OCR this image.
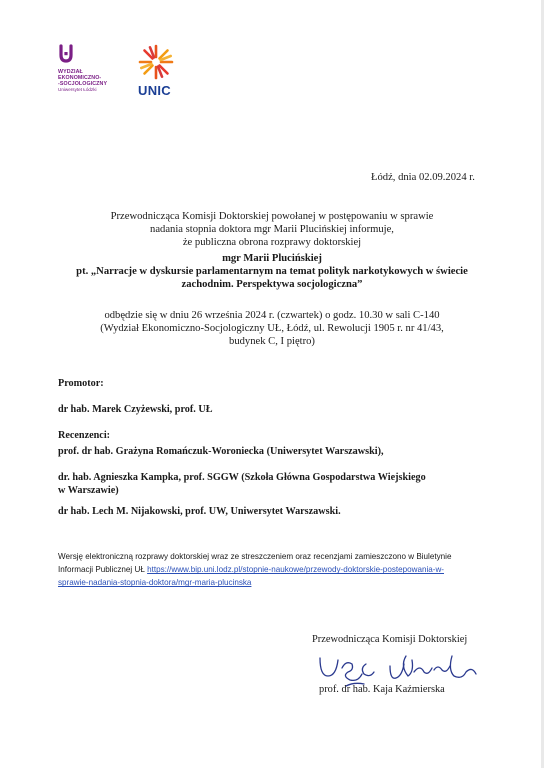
WYDZIAŁ
EKONOMICZNO-
-SOCJOLOGICZNY
Uniwersytet Łódzki	UNIC
Łódź, dnia 02.09.2024 r.
Przewodnicząca Komisji Doktorskiej powołanej w postępowaniu w sprawie
nadania stopnia doktora mgr Marii Plucińskiej informuje,
że publiczna obrona rozprawy doktorskiej
mgr Marii Plucińskiej
pt. „Narracje w dyskursie parlamentarnym na temat polityk narkotykowych w świecie
zachodnim. Perspektywa socjologiczna”
odbędzie się w dniu 26 września 2024 r. (czwartek) o godz. 10.30 w sali C-140
(Wydział Ekonomiczno-Socjologiczny UŁ, Łódź, ul. Rewolucji 1905 r. nr 41/43,
budynek C, I piętro)
Promotor:
dr hab. Marek Czyżewski, prof. UŁ
Recenzenci:
prof. dr hab. Grażyna Romańczuk-Woroniecka (Uniwersytet Warszawski),
dr. hab. Agnieszka Kampka, prof. SGGW (Szkoła Główna Gospodarstwa Wiejskiego
w Warszawie)
dr hab. Lech M. Nijakowski, prof. UW, Uniwersytet Warszawski.
Wersję elektroniczną rozprawy doktorskiej wraz ze streszczeniem oraz recenzjami zamieszczono w Biuletynie
Informacji Publicznej UŁ https://www.bip.uni.lodz.pl/stopnie-naukowe/przewody-doktorskie-postepowania-w-
sprawie-nadania-stopnia-doktora/mgr-maria-plucinska
Przewodnicząca Komisji Doktorskiej
prof. dr hab. Kaja Kaźmierska
